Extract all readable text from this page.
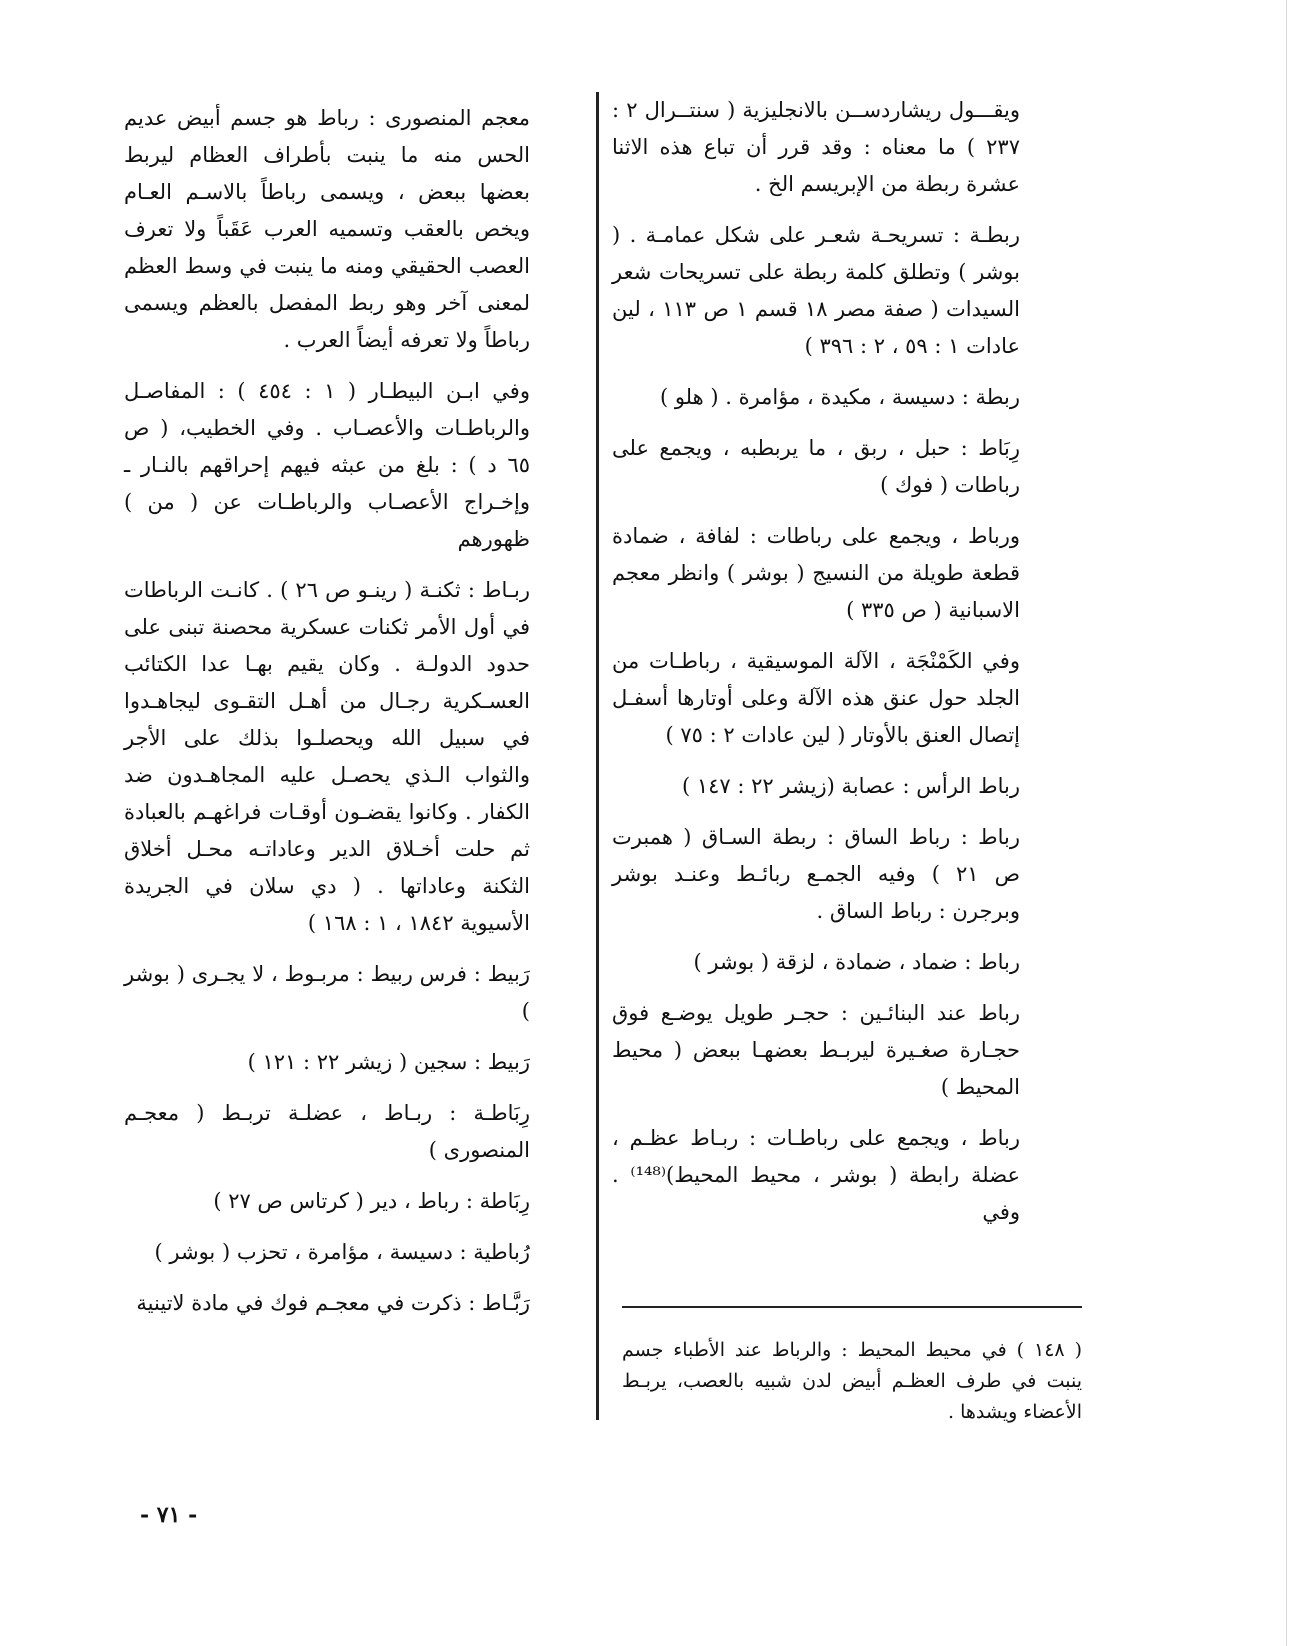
ويقـــول ريشاردســن بالانجليزية ( سنتــرال ٢ : ٢٣٧ ) ما معناه : وقد قرر أن تباع هذه الاثنا عشرة ربطة من الإبريسم الخ .

ربطـة : تسريحـة شعـر على شكل عمامـة . ( بوشر ) وتطلق كلمة ربطة على تسريحات شعر السيدات ( صفة مصر ١٨ قسم ١ ص ١١٣ ، لين عادات ١ : ٥٩ ، ٢ : ٣٩٦ )

ربطة : دسيسة ، مكيدة ، مؤامرة . ( هلو )

رِبَاط : حبل ، ربق ، ما يربطبه ، ويجمع على رباطات ( فوك )

ورباط ، ويجمع على رباطات : لفافة ، ضمادة قطعة طويلة من النسيج ( بوشر ) وانظر معجم الاسبانية ( ص ٣٣٥ )

وفي الكَمْنْجَة ، الآلة الموسيقية ، رباطـات من الجلد حول عنق هذه الآلة وعلى أوتارها أسفـل إتصال العنق بالأوتار ( لين عادات ٢ : ٧٥ )

رباط الرأس : عصابة (زيشر ٢٢ : ١٤٧ )

رباط : رباط الساق : ربطة السـاق ( همبرت ص ٢١ ) وفيه الجمـع ربائـط وعنـد بوشر وبرجرن : رباط الساق .

رباط : ضماد ، ضمادة ، لزقة ( بوشر )

رباط عند البنائـين : حجـر طويل يوضـع فوق حجـارة صغـيرة ليربـط بعضهـا ببعض ( محيط المحيط )

رباط ، ويجمع على رباطـات : ربـاط عظـم ، عضلة رابطة ( بوشر ، محيط المحيط)⁽¹⁴⁸⁾ . وفي

( ١٤٨ ) في محيط المحيط : والرباط عند الأطباء جسم ينبت في طرف العظـم أبيض لدن شبيه بالعصب، يربـط الأعضاء ويشدها .

معجم المنصورى : رباط هو جسم أبيض عديم الحس منه ما ينبت بأطراف العظام ليربط بعضها ببعض ، ويسمى رباطاً بالاسـم العـام ويخص بالعقب وتسميه العرب عَقَباً ولا تعرف العصب الحقيقي ومنه ما ينبت في وسط العظم لمعنى آخر وهو ربط المفصل بالعظم ويسمى رباطاً ولا تعرفه أيضاً العرب .

وفي ابـن البيطـار ( ١ : ٤٥٤ ) : المفاصـل والرباطـات والأعصـاب . وفي الخطيب، ( ص ٦٥ د ) : بلغ من عبثه فيهم إحراقهم بالنـار ـ وإخـراج الأعصـاب والرباطـات عن ( من ) ظهورهم

ربـاط : ثكنـة ( رينـو ص ٢٦ ) . كانـت الرباطات في أول الأمر ثكنات عسكرية محصنة تبنى على حدود الدولـة . وكان يقيم بهـا عدا الكتائب العسـكرية رجـال من أهـل التقـوى ليجاهـدوا في سبيل الله ويحصلـوا بذلك على الأجر والثواب الـذي يحصـل عليه المجاهـدون ضد الكفار . وكانوا يقضـون أوقـات فراغهـم بالعبادة ثم حلت أخـلاق الدير وعاداتـه محـل أخلاق الثكنة وعاداتها . ( دي سلان في الجريدة الأسيوية ١٨٤٢ ، ١ : ١٦٨ )

رَبيط : فرس ربيط : مربـوط ، لا يجـرى ( بوشر )

رَبيط : سجين ( زيشر ٢٢ : ١٢١ )

رِبَاطـة : ربـاط ، عضلـة تربـط ( معجـم المنصورى )

رِبَاطة : رباط ، دير ( كرتاس ص ٢٧ )

رُباطية : دسيسة ، مؤامرة ، تحزب ( بوشر )

رَبَّـاط : ذكرت في معجـم فوك في مادة لاتينية

- ٧١ -
